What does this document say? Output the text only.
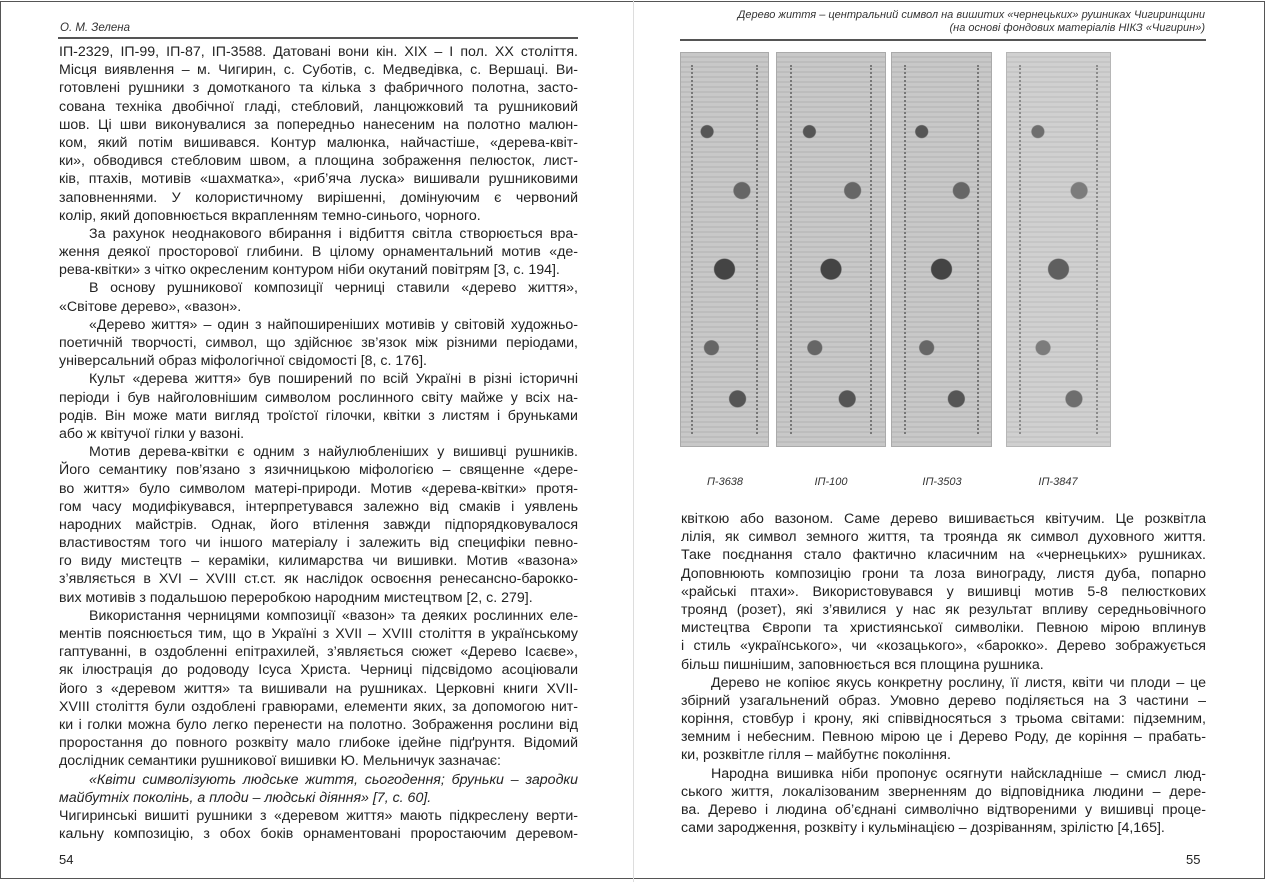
О. М. Зелена
ІП-2329, ІП-99, ІП-87, ІП-3588. Датовані вони кін. ХІХ – І пол. ХХ століття.
Місця виявлення – м. Чигирин, с. Суботів, с. Медведівка, с. Вершаці. Ви-
готовлені рушники з домотканого та кілька з фабричного полотна, засто-
сована техніка двобічної гладі, стебловий, ланцюжковий та рушниковий
шов. Ці шви виконувалися за попередньо нанесеним на полотно малюн-
ком, який потім вишивався. Контур малюнка, найчастіше, «дерева-квіт-
ки», обводився стебловим швом, а площина зображення пелюсток, лист-
ків, птахів, мотивів «шахматка», «риб’яча луска» вишивали рушниковими
заповненнями. У колористичному вирішенні, домінуючим є червоний
колір, який доповнюється вкрапленням темно-синього, чорного.
За рахунок неоднакового вбирання і відбиття світла створюється вра-
ження деякої просторової глибини. В цілому орнаментальний мотив «де-
рева-квітки» з чітко окресленим контуром ніби окутаний повітрям [3, с. 194].
В основу рушникової композиції черниці ставили «дерево життя»,
«Світове дерево», «вазон».
«Дерево життя» – один з найпоширеніших мотивів у світовій художньо-
поетичній творчості, символ, що здійснює зв’язок між різними періодами,
універсальний образ міфологічної свідомості [8, с. 176].
Культ «дерева життя» був поширений по всій Україні в різні історичні
періоди і був найголовнішим символом рослинного світу майже у всіх на-
родів. Він може мати вигляд троїстої гілочки, квітки з листям і бруньками
або ж квітучої гілки у вазоні.
Мотив дерева-квітки є одним з найулюбленіших у вишивці рушників.
Його семантику пов’язано з язичницькою міфологією – священне «дере-
во життя» було символом матері-природи. Мотив «дерева-квітки» протя-
гом часу модифікувався, інтерпретувався залежно від смаків і уявлень
народних майстрів. Однак, його втілення завжди підпорядковувалося
властивостям того чи іншого матеріалу і залежить від специфіки певно-
го виду мистецтв – кераміки, килимарства чи вишивки. Мотив «вазона»
з’являється в XVI – XVIII ст.ст. як наслідок освоєння ренесансно-барокко-
вих мотивів з подальшою переробкою народним мистецтвом [2, с. 279].
Використання черницями композиції «вазон» та деяких рослинних еле-
ментів пояснюється тим, що в Україні з XVII – XVIII століття в українському
гаптуванні, в оздобленні епітрахилей, з’являється сюжет «Дерево Ісаєве»,
як ілюстрація до родоводу Ісуса Христа. Черниці підсвідомо асоціювали
його з «деревом життя» та вишивали на рушниках. Церковні книги XVII-
XVIII століття були оздоблені гравюрами, елементи яких, за допомогою нит-
ки і голки можна було легко перенести на полотно. Зображення рослини від
проростання до повного розквіту мало глибоке ідейне підґрунтя. Відомий
дослідник семантики рушникової вишивки Ю. Мельничук зазначає:
«Квіти символізують людське життя, сьогодення; бруньки – зародки
майбутніх поколінь, а плоди – людські діяння» [7, с. 60].
Чигиринські вишиті рушники з «деревом життя» мають підкреслену верти-
кальну композицію, з обох боків орнаментовані проростаючим деревом-
54
Дерево життя – центральний символ на вишитих «чернецьких» рушниках Чигиринщини
(на основі фондових матеріалів НІКЗ «Чигирин»)
П-3638	ІП-100	ІП-3503	ІП-3847
квіткою або вазоном. Саме дерево вишивається квітучим. Це розквітла
лілія, як символ земного життя, та троянда як символ духовного життя.
Таке поєднання стало фактично класичним на «чернецьких» рушниках.
Доповнюють композицію грони та лоза винограду, листя дуба, попарно
«райські птахи». Використовувався у вишивці мотив 5-8 пелюсткових
троянд (розет), які з’явилися у нас як результат впливу середньовічного
мистецтва Європи та християнської символіки. Певною мірою вплинув
і стиль «українського», чи «козацького», «барокко». Дерево зображується
більш пишнішим, заповнюється вся площина рушника.
Дерево не копіює якусь конкретну рослину, її листя, квіти чи плоди – це
збірний узагальнений образ. Умовно дерево поділяється на 3 частини –
коріння, стовбур і крону, які співвідносяться з трьома світами: підземним,
земним і небесним. Певною мірою це і Дерево Роду, де коріння – прабать-
ки, розквітле гілля – майбутнє покоління.
Народна вишивка ніби пропонує осягнути найскладніше – смисл люд-
ського життя, локалізованим зверненням до відповідника людини – дере-
ва. Дерево і людина об’єднані символічно відтвореними у вишивці проце-
сами зародження, розквіту і кульмінацією – дозріванням, зрілістю [4,165].
55
